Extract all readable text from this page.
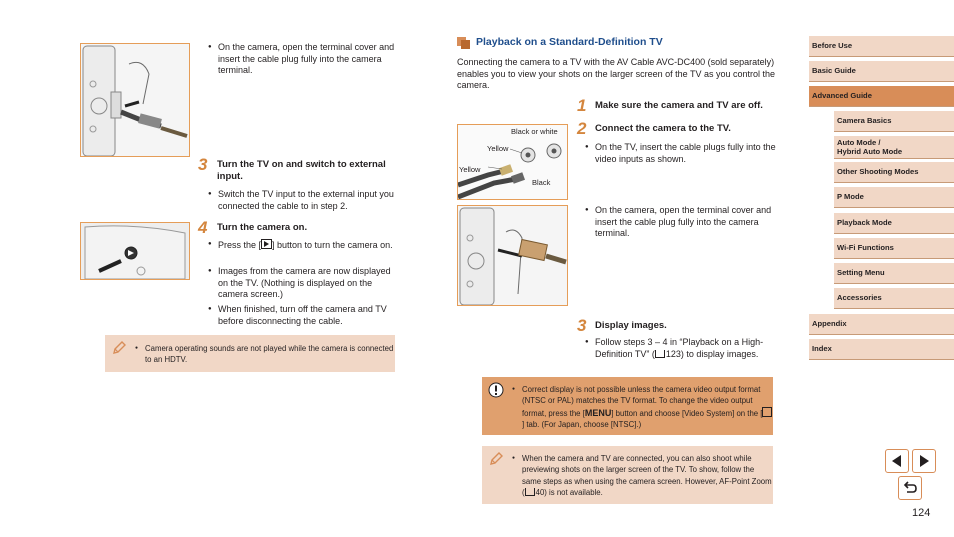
● On the camera, open the terminal cover and insert the cable plug fully into the camera terminal.
3 Turn the TV on and switch to external input.
● Switch the TV input to the external input you connected the cable to in step 2.
4 Turn the camera on.
● Press the [ ] button to turn the camera on.
● Images from the camera are now displayed on the TV. (Nothing is displayed on the camera screen.)
● When finished, turn off the camera and TV before disconnecting the cable.
● Camera operating sounds are not played while the camera is connected to an HDTV.
Playback on a Standard-Definition TV
Connecting the camera to a TV with the AV Cable AVC-DC400 (sold separately) enables you to view your shots on the larger screen of the TV as you control the camera.
1 Make sure the camera and TV are off.
Black or white
Yellow
Yellow
Black
2 Connect the camera to the TV.
● On the TV, insert the cable plugs fully into the video inputs as shown.
● On the camera, open the terminal cover and insert the cable plug fully into the camera terminal.
3 Display images.
● Follow steps 3 – 4 in “Playback on a High-Definition TV” ( 123) to display images.
● Correct display is not possible unless the camera video output format (NTSC or PAL) matches the TV format. To change the video output format, press the [MENU] button and choose [Video System] on the [] tab. (For Japan, choose [NTSC].)
● When the camera and TV are connected, you can also shoot while previewing shots on the larger screen of the TV. To show, follow the same steps as when using the camera screen. However, AF-Point Zoom ( 40) is not available.
Before Use
Basic Guide
Advanced Guide
Camera Basics
Auto Mode /
Hybrid Auto Mode
Other Shooting Modes
P Mode
Playback Mode
Wi-Fi Functions
Setting Menu
Accessories
Appendix
Index
124
